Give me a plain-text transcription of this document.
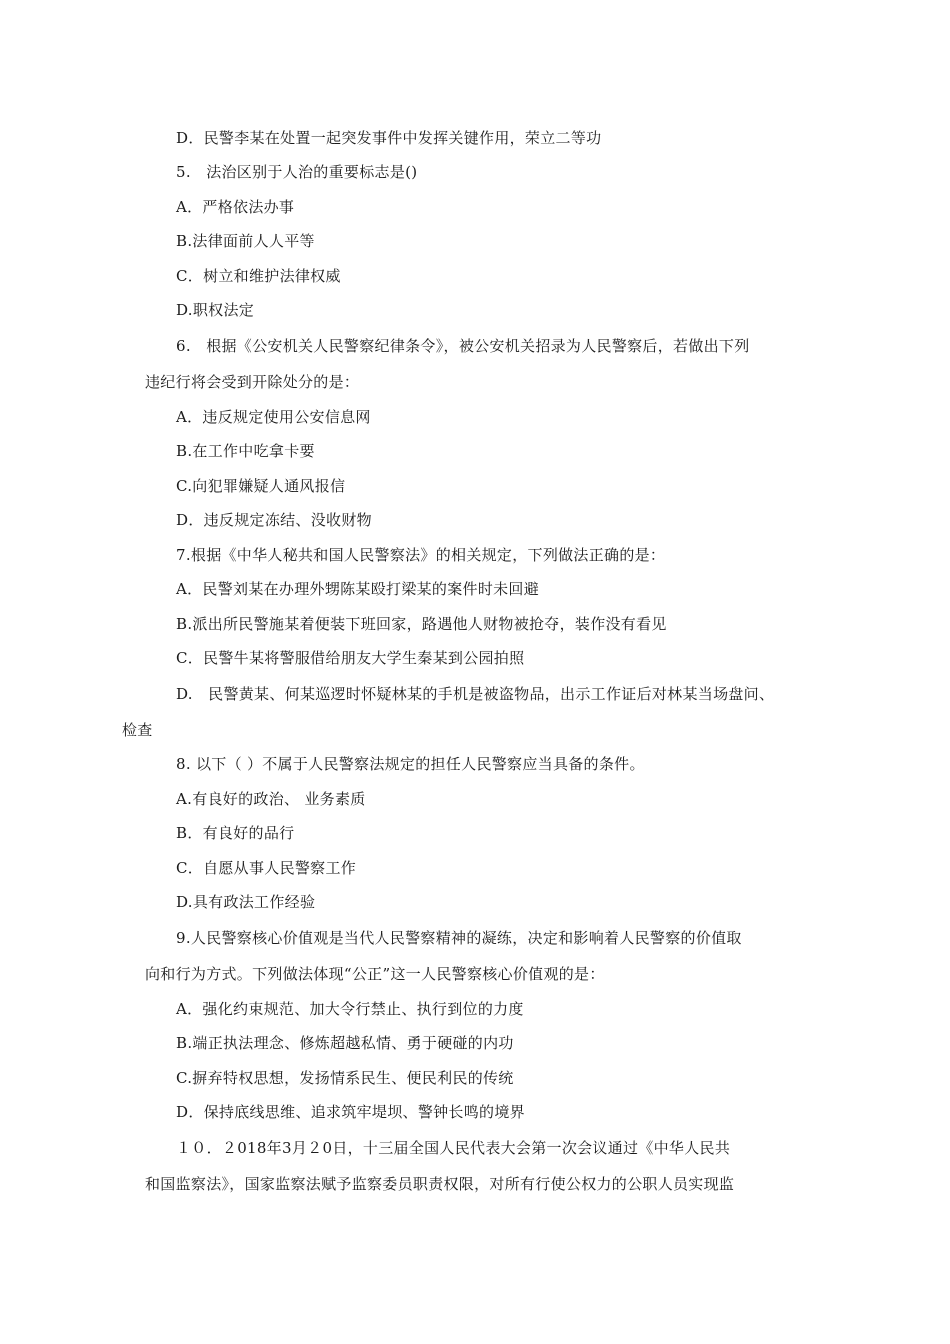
D．民警李某在处置一起突发事件中发挥关键作用，荣立二等功
5.　法治区别于人治的重要标志是()
A．严格依法办事
B.法律面前人人平等
C．树立和维护法律权威
D.职权法定
6.　根据《公安机关人民警察纪律条令》，被公安机关招录为人民警察后，若做出下列
违纪行将会受到开除处分的是：
A．违反规定使用公安信息网
B.在工作中吃拿卡要
C.向犯罪嫌疑人通风报信
D．违反规定冻结、没收财物
7.根据《中华人秘共和国人民警察法》的相关规定，下列做法正确的是：
A．民警刘某在办理外甥陈某殴打梁某的案件时未回避
B.派出所民警施某着便装下班回家，路遇他人财物被抢夺，装作没有看见
C．民警牛某将警服借给朋友大学生秦某到公园拍照
D.　民警黄某、何某巡逻时怀疑林某的手机是被盗物品，出示工作证后对林某当场盘问、
检查
8. 以下（ ）不属于人民警察法规定的担任人民警察应当具备的条件。
A.有良好的政治、 业务素质
B．有良好的品行
C．自愿从事人民警察工作
D.具有政法工作经验
9.人民警察核心价值观是当代人民警察精神的凝练，决定和影响着人民警察的价值取
向和行为方式。下列做法体现“公正”这一人民警察核心价值观的是：
A．强化约束规范、加大令行禁止、执行到位的力度
B.端正执法理念、修炼超越私情、勇于硬碰的内功
C.摒弃特权思想，发扬情系民生、便民利民的传统
D．保持底线思维、追求筑牢堤坝、警钟长鸣的境界
１０．２018年3月２0日，十三届全国人民代表大会第一次会议通过《中华人民共
和国监察法》，国家监察法赋予监察委员职责权限，对所有行使公权力的公职人员实现监
